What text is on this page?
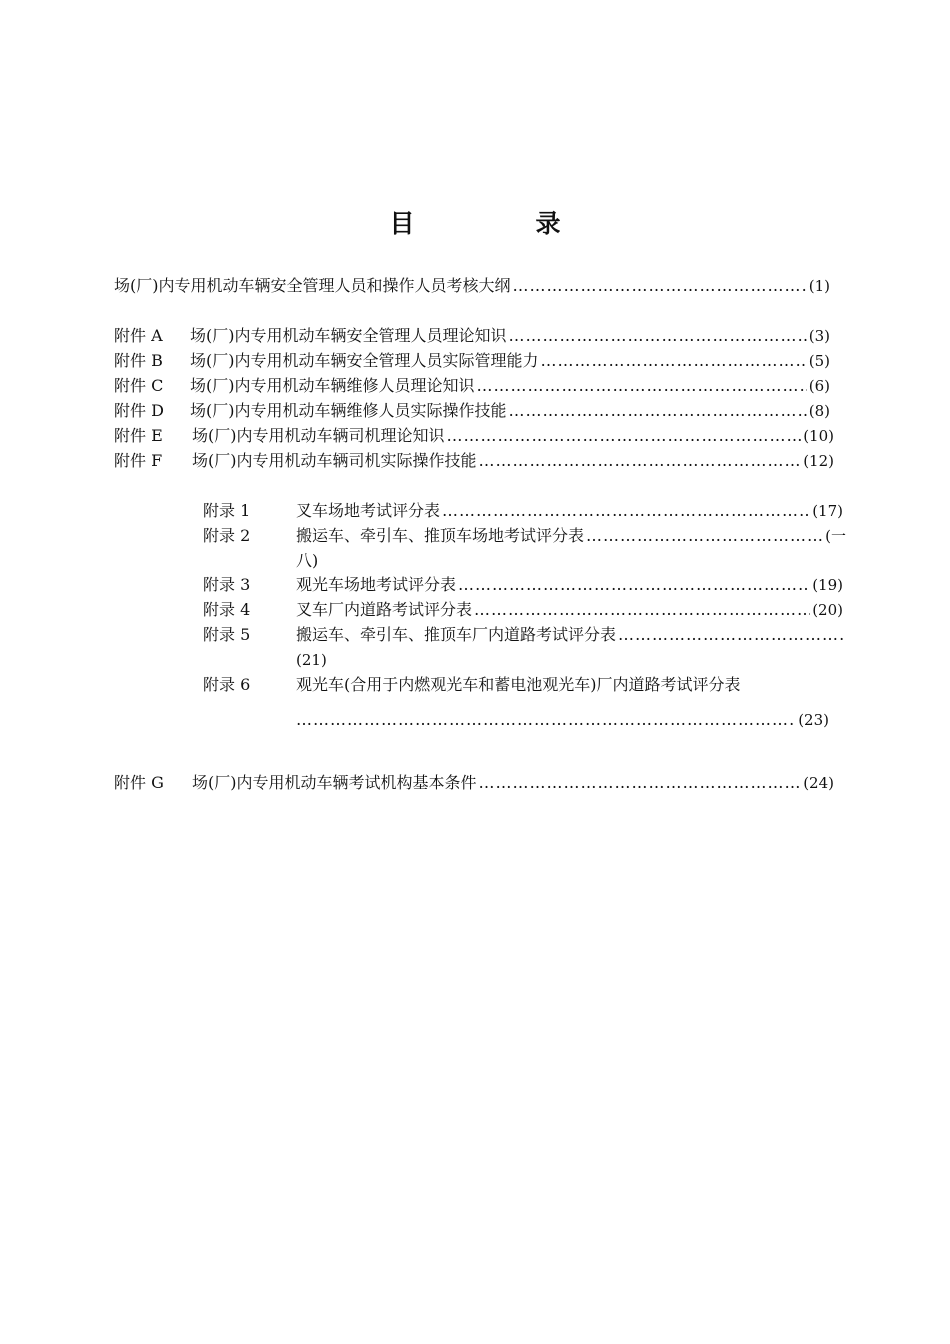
目　录
场(厂)内专用机动车辆安全管理人员和操作人员考核大纲 …………………………………………………………………………………………………………………………………………………………………………	(1)
附件 A	场(厂)内专用机动车辆安全管理人员理论知识 …………………………………………………………………………………………………………………………………………………………………………	(3)
附件 B	场(厂)内专用机动车辆安全管理人员实际管理能力 …………………………………………………………………………………………………………………………………………………………………………	(5)
附件 C	场(厂)内专用机动车辆维修人员理论知识 …………………………………………………………………………………………………………………………………………………………………………	(6)
附件 D	场(厂)内专用机动车辆维修人员实际操作技能 …………………………………………………………………………………………………………………………………………………………………………	(8)
附件 E	场(厂)内专用机动车辆司机理论知识 …………………………………………………………………………………………………………………………………………………………………………	(10)
附件 F	场(厂)内专用机动车辆司机实际操作技能 …………………………………………………………………………………………………………………………………………………………………………	(12)
附录 1	叉车场地考试评分表 …………………………………………………………………………………………………………………………………………………………………………	(17)
附录 2	搬运车、牵引车、推顶车场地考试评分表 …………………………………………………………………………………………………………………………………………………………………………	(一
八)
附录 3	观光车场地考试评分表 …………………………………………………………………………………………………………………………………………………………………………	(19)
附录 4	叉车厂内道路考试评分表 …………………………………………………………………………………………………………………………………………………………………………	(20)
附录 5	搬运车、牵引车、推顶车厂内道路考试评分表
…………………………………………………………………………………………………………………………………………………………………………
(21)
附录 6	观光车(合用于内燃观光车和蓄电池观光车)厂内道路考试评分表
…………………………………………………………………………………………………………………………………………………………………………
(23)
附件 G	场(厂)内专用机动车辆考试机构基本条件 …………………………………………………………………………………………………………………………………………………………………………	(24)
